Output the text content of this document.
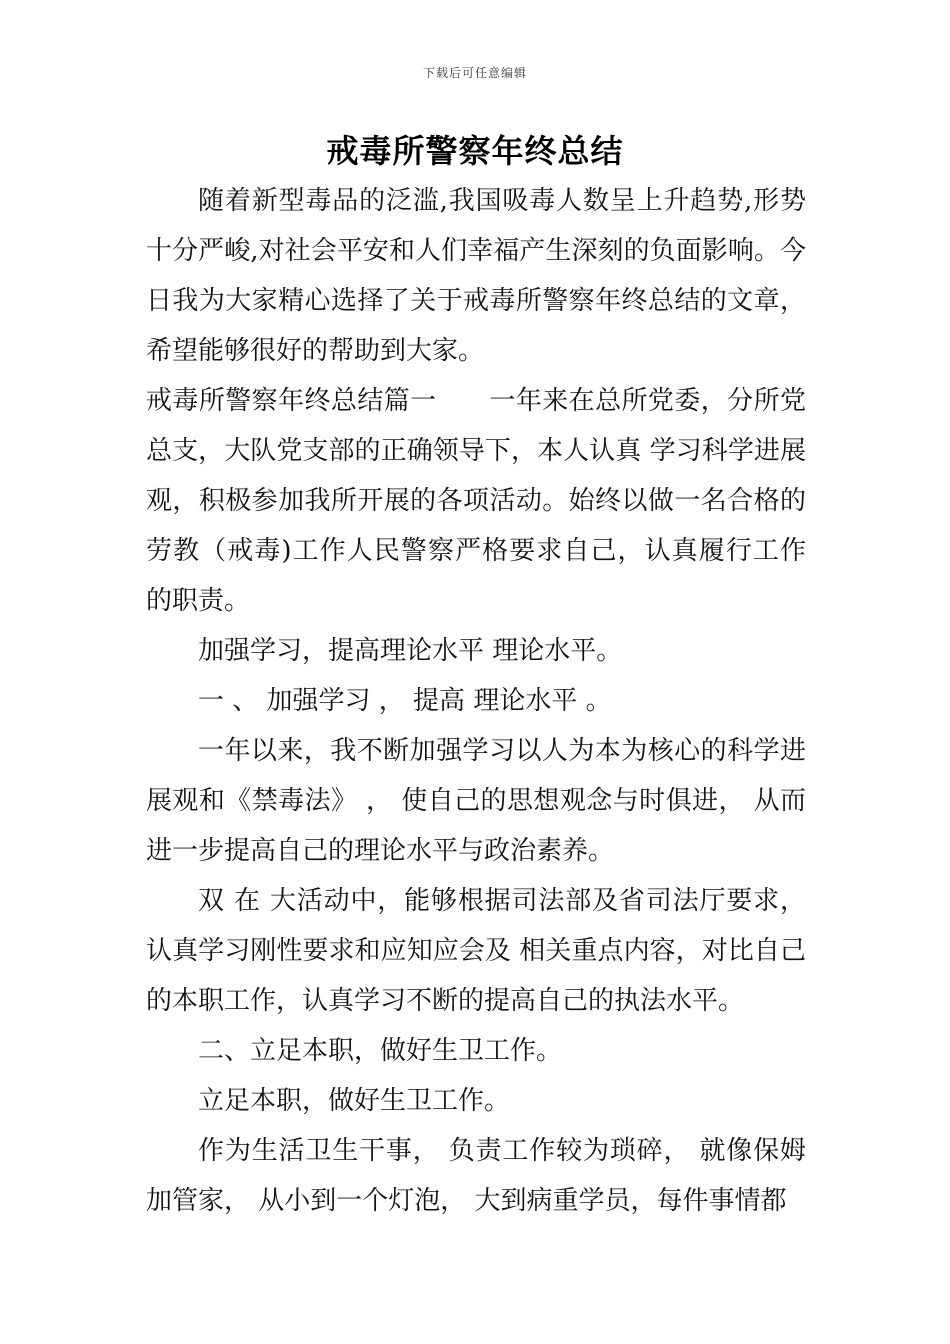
下载后可任意编辑
戒毒所警察年终总结

随着新型毒品的泛滥,我国吸毒人数呈上升趋势,形势十分严峻,对社会平安和人们幸福产生深刻的负面影响。今日我为大家精心选择了关于戒毒所警察年终总结的文章，希望能够很好的帮助到大家。

戒毒所警察年终总结篇一　　一年来在总所党委，分所党总支，大队党支部的正确领导下，本人认真 学习科学进展观，积极参加我所开展的各项活动。始终以做一名合格的劳教（戒毒)工作人民警察严格要求自己，认真履行工作的职责。

加强学习，提高理论水平 理论水平。

一 、 加强学习 ， 提高 理论水平 。

一年以来，我不断加强学习以人为本为核心的科学进展观和《禁毒法》 ， 使自己的思想观念与时俱进， 从而进一步提高自己的理论水平与政治素养。

双 在 大活动中，能够根据司法部及省司法厅要求，认真学习刚性要求和应知应会及 相关重点内容，对比自己的本职工作，认真学习不断的提高自己的执法水平。

二、立足本职，做好生卫工作。

立足本职，做好生卫工作。

作为生活卫生干事， 负责工作较为琐碎， 就像保姆加管家， 从小到一个灯泡， 大到病重学员，每件事情都
